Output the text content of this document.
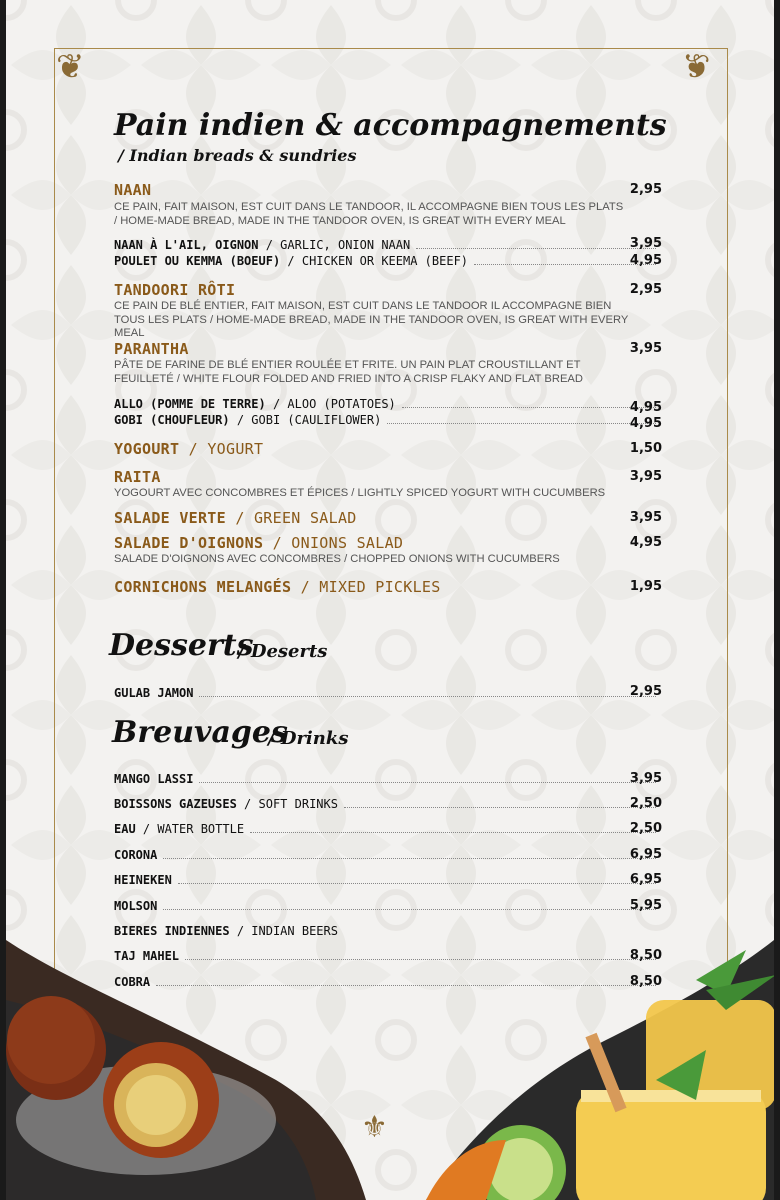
❦	❦
Pain indien & accompagnements
/ Indian breads & sundries
NAAN	2,95
CE PAIN, FAIT MAISON, EST CUIT DANS LE TANDOOR, IL ACCOMPAGNE BIEN TOUS LES PLATS / HOME-MADE BREAD, MADE IN THE TANDOOR OVEN, IS GREAT WITH EVERY MEAL
NAAN À L'AIL, OIGNON / GARLIC, ONION NAAN	3,95
POULET OU KEMMA (BOEUF) / CHICKEN OR KEEMA (BEEF)	4,95
TANDOORI RÔTI	2,95
CE PAIN DE BLÉ ENTIER, FAIT MAISON, EST CUIT DANS LE TANDOOR IL ACCOMPAGNE BIEN TOUS LES PLATS / HOME-MADE BREAD, MADE IN THE TANDOOR OVEN, IS GREAT WITH EVERY MEAL
PARANTHA	3,95
PÂTE DE FARINE DE BLÉ ENTIER ROULÉE ET FRITE. UN PAIN PLAT CROUSTILLANT ET FEUILLETÉ / WHITE FLOUR FOLDED AND FRIED INTO A CRISP FLAKY AND FLAT BREAD
ALLO (POMME DE TERRE) / ALOO (POTATOES)	4,95
GOBI (CHOUFLEUR) / GOBI (CAULIFLOWER)	4,95
YOGOURT / YOGURT	1,50
RAITA	3,95
YOGOURT AVEC CONCOMBRES ET ÉPICES / LIGHTLY SPICED YOGURT WITH CUCUMBERS
SALADE VERTE / GREEN SALAD	3,95
SALADE D'OIGNONS / ONIONS SALAD	4,95
SALADE D'OIGNONS AVEC CONCOMBRES / CHOPPED ONIONS WITH CUCUMBERS
CORNICHONS MELANGÉS / MIXED PICKLES	1,95
Desserts
/ Deserts
GULAB JAMON	2,95
Breuvages
/ Drinks
MANGO LASSI	3,95
BOISSONS GAZEUSES / SOFT DRINKS	2,50
EAU / WATER BOTTLE	2,50
CORONA	6,95
HEINEKEN	6,95
MOLSON	5,95
BIERES INDIENNES / INDIAN BEERS
TAJ MAHEL	8,50
COBRA	8,50
⚜
